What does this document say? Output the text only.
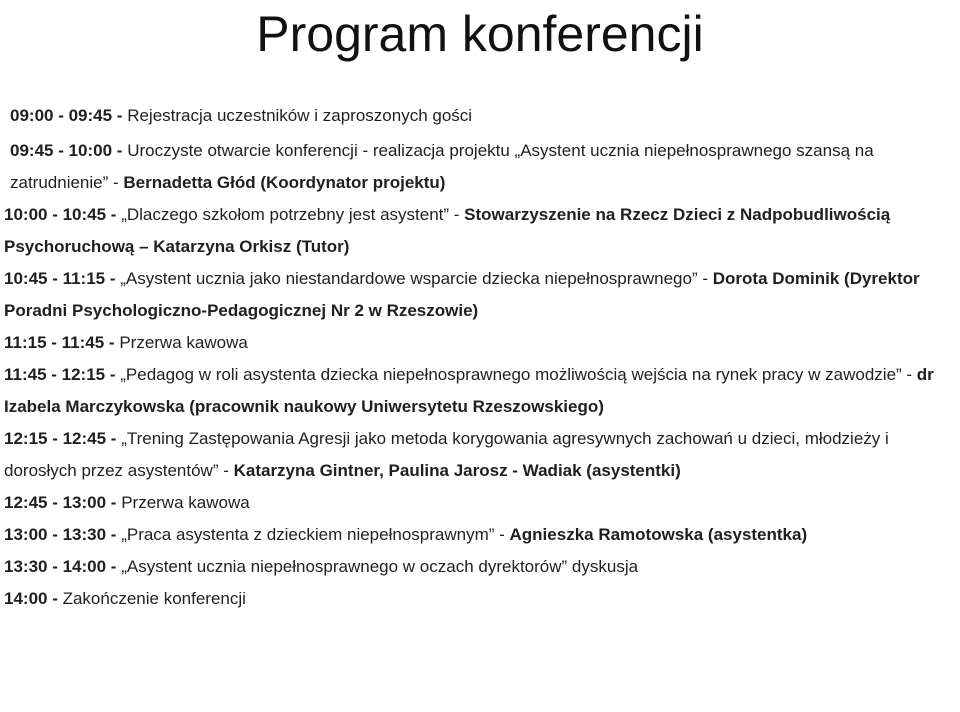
Program konferencji

09:00 - 09:45 - Rejestracja uczestników i zaproszonych gości

09:45 - 10:00 - Uroczyste otwarcie konferencji - realizacja projektu „Asystent ucznia niepełnosprawnego szansą na zatrudnienie” - Bernadetta Głód (Koordynator projektu)

10:00 - 10:45 - „Dlaczego szkołom potrzebny jest asystent” - Stowarzyszenie na Rzecz Dzieci z Nadpobudliwością Psychoruchową – Katarzyna Orkisz (Tutor)

10:45 - 11:15 - „Asystent ucznia jako niestandardowe wsparcie dziecka niepełnosprawnego” - Dorota Dominik (Dyrektor Poradni Psychologiczno-Pedagogicznej Nr 2 w Rzeszowie)

11:15 - 11:45 - Przerwa kawowa

11:45 - 12:15 - „Pedagog w roli asystenta dziecka niepełnosprawnego możliwością wejścia na rynek pracy w zawodzie” - dr Izabela Marczykowska (pracownik naukowy Uniwersytetu Rzeszowskiego)

12:15 - 12:45 - „Trening Zastępowania Agresji jako metoda korygowania agresywnych zachowań u dzieci, młodzieży i dorosłych przez asystentów” - Katarzyna Gintner, Paulina Jarosz - Wadiak (asystentki)

12:45 - 13:00 - Przerwa kawowa

13:00 - 13:30 - „Praca asystenta z dzieckiem niepełnosprawnym” - Agnieszka Ramotowska (asystentka)

13:30 - 14:00 - „Asystent ucznia niepełnosprawnego w oczach dyrektorów” dyskusja

14:00 - Zakończenie konferencji
